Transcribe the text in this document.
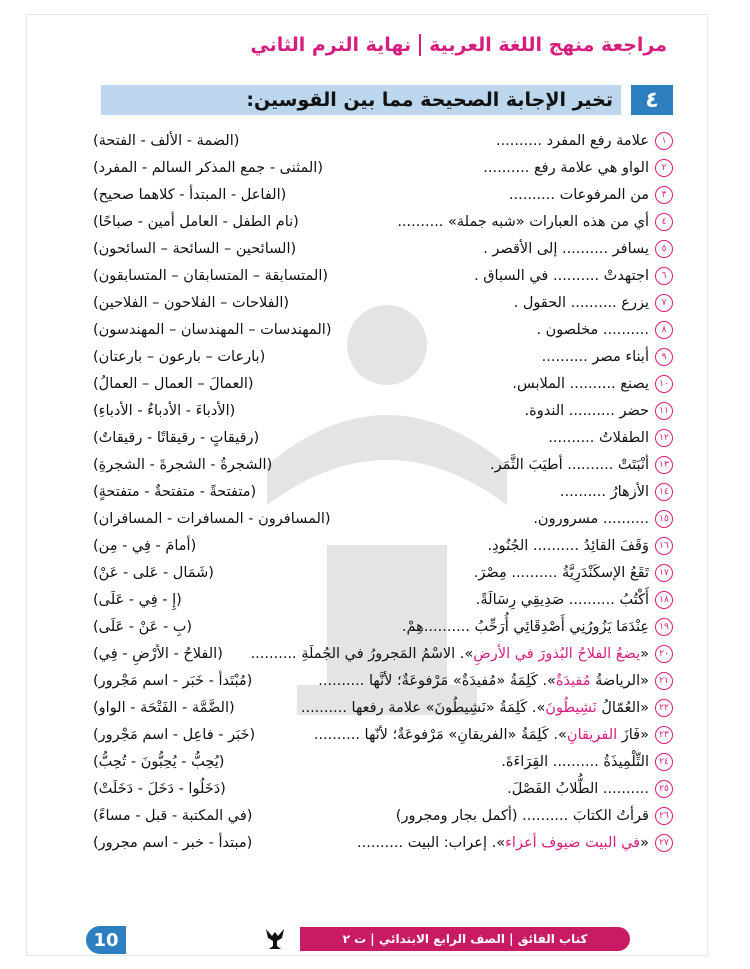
مراجعة منهج اللغة العربية
نهاية الترم الثاني
٤
تخير الإجابة الصحيحة مما بين القوسين:
١
علامة رفع المفرد ..........
(الضمة - الألف - الفتحة)
٢
الواو هي علامة رفع ..........
(المثنى - جمع المذكر السالم - المفرد)
٣
من المرفوعات ..........
(الفاعل - المبتدأ - كلاهما صحيح)
٤
أي من هذه العبارات «شبه جملة» ..........
(نام الطفل - العامل أمين - صباحًا)
٥
يسافر .......... إلى الأقصر .
(السائحين – السائحة – السائحون)
٦
اجتهدتْ .......... في السباق .
(المتسابقة – المتسابقان – المتسابقون)
٧
يزرع .......... الحقول .
(الفلاحات – الفلاحون – الفلاحين)
٨
.......... مخلصون .
(المهندسات – المهندسان – المهندسون)
٩
أبناء مصر ..........
(بارعات – بارعون – بارعتان)
١٠
يصنع .......... الملابس.
(العمالَ – العمال – العمالُ)
١١
حضر .......... الندوة.
(الأدباءَ - الأدباءُ - الأدباءِ)
١٢
الطفلاتُ ..........
(رقيقاتٍ - رقيقاتًا - رقيقاتٌ)
١٣
أنْبَتَتْ .......... أطيَبَ الثَّمَر.
(الشجرةُ - الشجرةَ - الشجرةِ)
١٤
الأزهارُ ..........
(متفتحةً - متفتحةٌ - متفتحةٍ)
١٥
.......... مسرورون.
(المسافرون - المسافرات - المسافران)
١٦
وَقَفَ القائِدُ .......... الجُنُودِ.
(أمامَ - فِي - مِن)
١٧
تَقَعُ الإسكَنْدَرِيَّةُ .......... مِصْرَ.
(شَمَال - عَلى - عَنْ)
١٨
أَكْتُبُ .......... صَدِيقِي رِسَالَةً.
(إِ - فِي - عَلَى)
١٩
عِنْدَمَا يَزُورُنِي أَصْدِقَائِي أُرَحِّبُ ..........هِمْ.
(بِ - عَنْ - عَلَى)
٢٠
«يضعُ الفلاحُ البُذورَ في الأرضِ». الاسْمُ المَجرورُ في الجُملَةِ ..........
(الفلاحُ - الأرْضِ - فِي)
٢١
«الرياضةُ مُفيدَةٌ». كَلِمَةُ «مُفيدَةٌ» مَرْفوعَةٌ؛ لأنَّها ..........
(مُبْتَدأ - خَبَر - اسم مَجْرور)
٢٢
«العُمّالُ نَشِيطُونَ». كَلِمَةُ «نَشِيطُونَ» علامة رفعها ..........
(الضَّمَّة - الفَتْحَة - الواو)
٢٣
«فَازَ الفريقانِ». كَلِمَةُ «الفريقانِ» مَرْفوعَةٌ؛ لأنّها ..........
(خَبَر - فاعِل - اسم مَجْرور)
٢٤
التِّلْمِيذَةُ .......... القِرَاءَةَ.
(يُحِبُّ - يُحِبُّونَ - تُحِبُّ)
٢٥
.......... الطُّلابُ الفَصْلَ.
(دَخَلُوا - دَخَلَ - دَخَلَتْ)
٢٦
قرأتُ الكتابَ .......... (أكمل بجار ومجرور)
(في المكتبة - قبل - مساءً)
٢٧
«في البيت ضيوف أعزاء». إعراب: البيت ..........
(مبتدأ - خبر - اسم مجرور)
كتاب الفائق | الصف الرابع الابتدائي | ت ٢
10
